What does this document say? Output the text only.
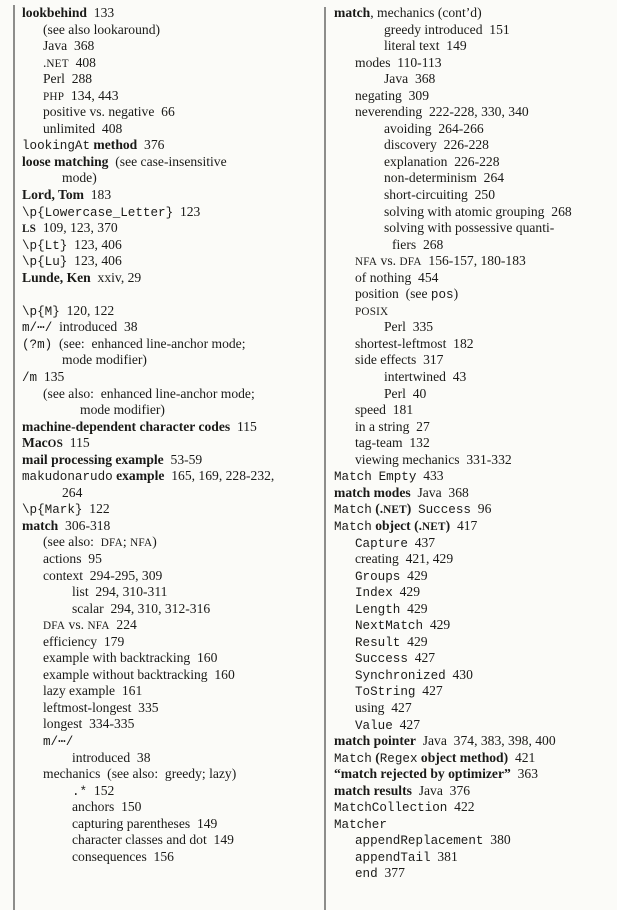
lookbehind  133
(see also lookaround)
Java  368
.NET  408
Perl  288
PHP  134, 443
positive vs. negative  66
unlimited  408
lookingAt method  376
loose matching  (see case-insensitive
mode)
Lord, Tom  183
\p{Lowercase_Letter}  123
LS  109, 123, 370
\p{Lt}  123, 406
\p{Lu}  123, 406
Lunde, Ken  xxiv, 29
\p{M}  120, 122
m/⋯/  introduced  38
(?m)  (see:  enhanced line-anchor mode;
mode modifier)
/m  135
(see also:  enhanced line-anchor mode;
mode modifier)
machine-dependent character codes  115
MacOS  115
mail processing example  53-59
makudonarudo example  165, 169, 228-232,
264
\p{Mark}  122
match  306-318
(see also:  DFA; NFA)
actions  95
context  294-295, 309
list  294, 310-311
scalar  294, 310, 312-316
DFA vs. NFA  224
efficiency  179
example with backtracking  160
example without backtracking  160
lazy example  161
leftmost-longest  335
longest  334-335
m/⋯/
introduced  38
mechanics  (see also:  greedy; lazy)
.*  152
anchors  150
capturing parentheses  149
character classes and dot  149
consequences  156
match, mechanics (cont’d)
greedy introduced  151
literal text  149
modes  110-113
Java  368
negating  309
neverending  222-228, 330, 340
avoiding  264-266
discovery  226-228
explanation  226-228
non-determinism  264
short-circuiting  250
solving with atomic grouping  268
solving with possessive quanti-
fiers  268
NFA vs. DFA  156-157, 180-183
of nothing  454
position  (see pos)
POSIX
Perl  335
shortest-leftmost  182
side effects  317
intertwined  43
Perl  40
speed  181
in a string  27
tag-team  132
viewing mechanics  331-332
Match Empty  433
match modes  Java  368
Match (.NET) Success  96
Match object (.NET)  417
Capture  437
creating  421, 429
Groups  429
Index  429
Length  429
NextMatch  429
Result  429
Success  427
Synchronized  430
ToString  427
using  427
Value  427
match pointer  Java  374, 383, 398, 400
Match (Regex object method)  421
“match rejected by optimizer”  363
match results  Java  376
MatchCollection  422
Matcher
appendReplacement  380
appendTail  381
end  377
